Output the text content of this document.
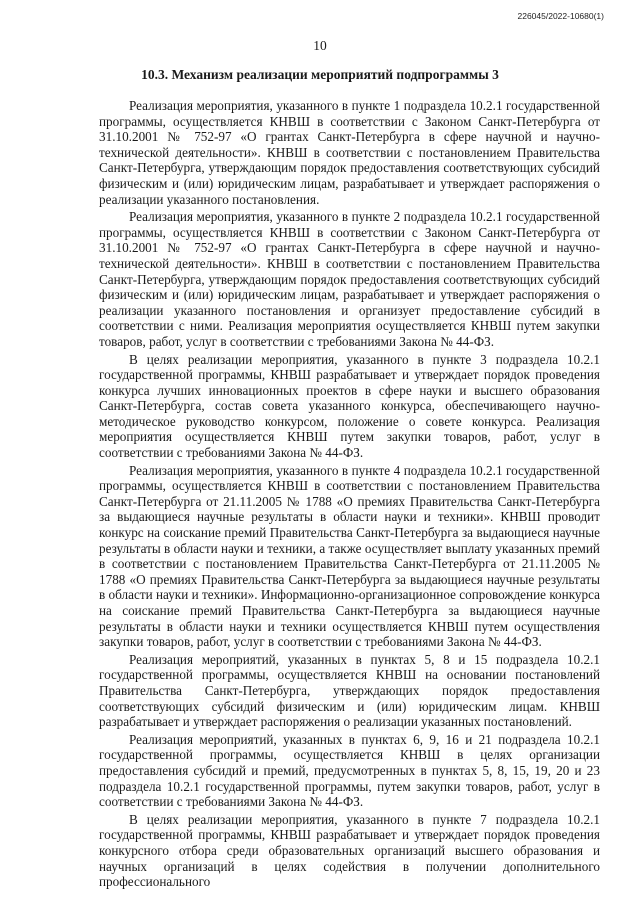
226045/2022-10680(1)
10
10.3. Механизм реализации мероприятий подпрограммы 3

Реализация мероприятия, указанного в пункте 1 подраздела 10.2.1 государственной программы, осуществляется КНВШ в соответствии с Законом Санкт-Петербурга от 31.10.2001 № 752-97 «О грантах Санкт-Петербурга в сфере научной и научно-технической деятельности». КНВШ в соответствии с постановлением Правительства Санкт-Петербурга, утверждающим порядок предоставления соответствующих субсидий физическим и (или) юридическим лицам, разрабатывает и утверждает распоряжения о реализации указанного постановления.

Реализация мероприятия, указанного в пункте 2 подраздела 10.2.1 государственной программы, осуществляется КНВШ в соответствии с Законом Санкт-Петербурга от 31.10.2001 № 752-97 «О грантах Санкт-Петербурга в сфере научной и научно-технической деятельности». КНВШ в соответствии с постановлением Правительства Санкт-Петербурга, утверждающим порядок предоставления соответствующих субсидий физическим и (или) юридическим лицам, разрабатывает и утверждает распоряжения о реализации указанного постановления и организует предоставление субсидий в соответствии с ними. Реализация мероприятия осуществляется КНВШ путем закупки товаров, работ, услуг в соответствии с требованиями Закона № 44-ФЗ.

В целях реализации мероприятия, указанного в пункте 3 подраздела 10.2.1 государственной программы, КНВШ разрабатывает и утверждает порядок проведения конкурса лучших инновационных проектов в сфере науки и высшего образования Санкт-Петербурга, состав совета указанного конкурса, обеспечивающего научно-методическое руководство конкурсом, положение о совете конкурса. Реализация мероприятия осуществляется КНВШ путем закупки товаров, работ, услуг в соответствии с требованиями Закона № 44-ФЗ.

Реализация мероприятия, указанного в пункте 4 подраздела 10.2.1 государственной программы, осуществляется КНВШ в соответствии с постановлением Правительства Санкт-Петербурга от 21.11.2005 № 1788 «О премиях Правительства Санкт-Петербурга за выдающиеся научные результаты в области науки и техники». КНВШ проводит конкурс на соискание премий Правительства Санкт-Петербурга за выдающиеся научные результаты в области науки и техники, а также осуществляет выплату указанных премий в соответствии с постановлением Правительства Санкт-Петербурга от 21.11.2005 № 1788 «О премиях Правительства Санкт-Петербурга за выдающиеся научные результаты в области науки и техники». Информационно-организационное сопровождение конкурса на соискание премий Правительства Санкт-Петербурга за выдающиеся научные результаты в области науки и техники осуществляется КНВШ путем осуществления закупки товаров, работ, услуг в соответствии с требованиями Закона № 44-ФЗ.

Реализация мероприятий, указанных в пунктах 5, 8 и 15 подраздела 10.2.1 государственной программы, осуществляется КНВШ на основании постановлений Правительства Санкт-Петербурга, утверждающих порядок предоставления соответствующих субсидий физическим и (или) юридическим лицам. КНВШ разрабатывает и утверждает распоряжения о реализации указанных постановлений.

Реализация мероприятий, указанных в пунктах 6, 9, 16 и 21 подраздела 10.2.1 государственной программы, осуществляется КНВШ в целях организации предоставления субсидий и премий, предусмотренных в пунктах 5, 8, 15, 19, 20 и 23 подраздела 10.2.1 государственной программы, путем закупки товаров, работ, услуг в соответствии с требованиями Закона № 44-ФЗ.

В целях реализации мероприятия, указанного в пункте 7 подраздела 10.2.1 государственной программы, КНВШ разрабатывает и утверждает порядок проведения конкурсного отбора среди образовательных организаций высшего образования и научных организаций в целях содействия в получении дополнительного профессионального
